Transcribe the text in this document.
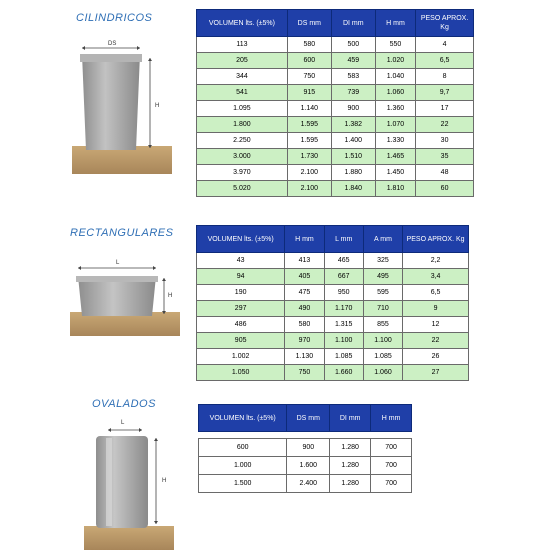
CILINDRICOS
RECTANGULARES
OVALADOS
DS
H
L
H
L
H
VOLUMEN lts. (±5%)	DS mm	DI mm	H mm	PESO APROX. Kg
113	580	500	550	4
205	600	459	1.020	6,5
344	750	583	1.040	8
541	915	739	1.060	9,7
1.095	1.140	900	1.360	17
1.800	1.595	1.382	1.070	22
2.250	1.595	1.400	1.330	30
3.000	1.730	1.510	1.465	35
3.970	2.100	1.880	1.450	48
5.020	2.100	1.840	1.810	60
VOLUMEN lts. (±5%)	H mm	L mm	A mm	PESO APROX. Kg
43	413	465	325	2,2
94	405	667	495	3,4
190	475	950	595	6,5
297	490	1.170	710	9
486	580	1.315	855	12
905	970	1.100	1.100	22
1.002	1.130	1.085	1.085	26
1.050	750	1.660	1.060	27
VOLUMEN lts. (±5%)	DS mm	DI mm	H mm

600	900	1.280	700
1.000	1.600	1.280	700
1.500	2.400	1.280	700
